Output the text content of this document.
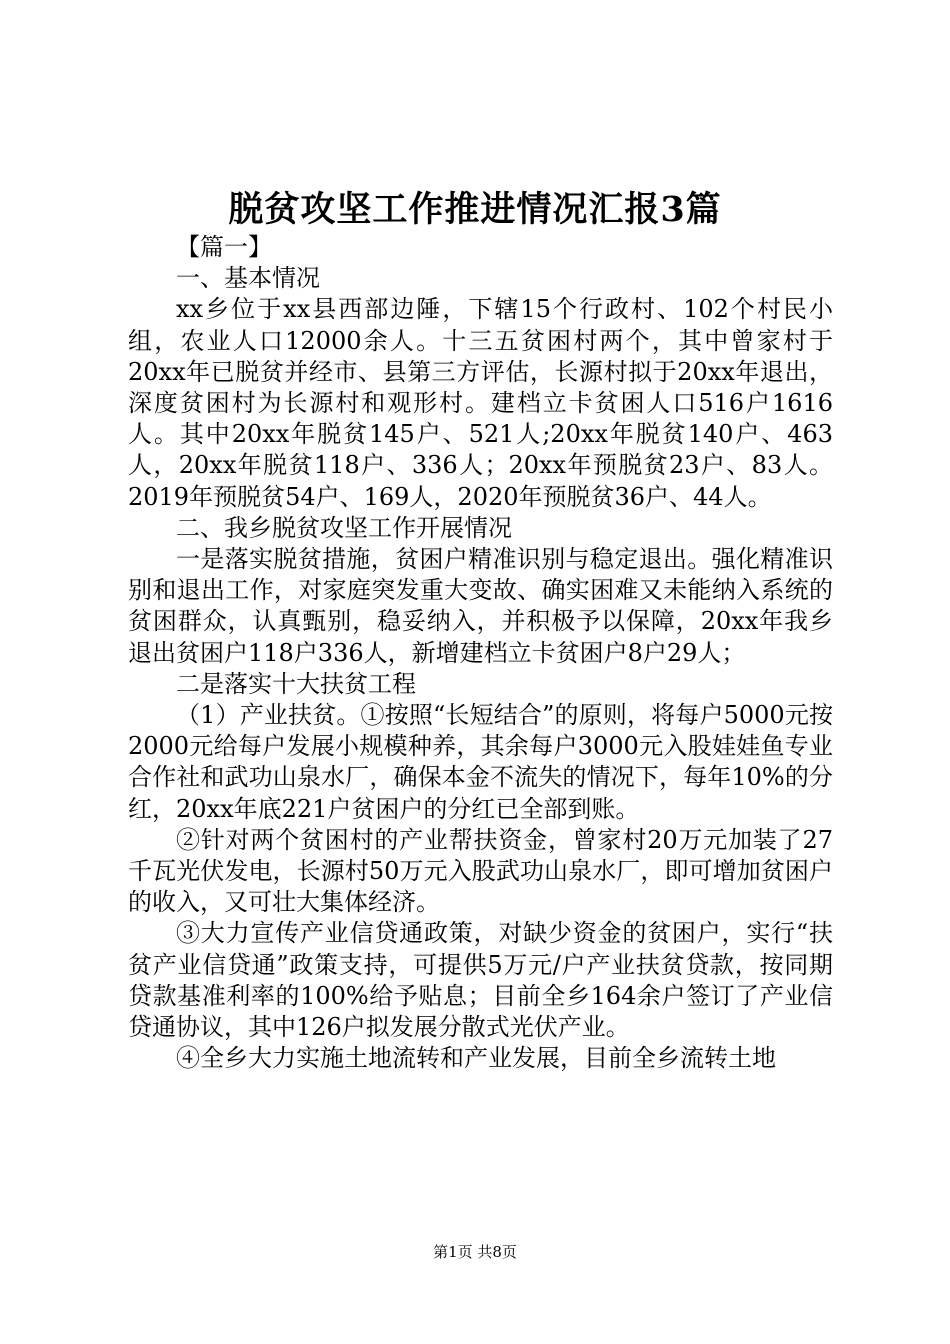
脱贫攻坚工作推进情况汇报3篇

【篇一】

一、基本情况

xx乡位于xx县西部边陲，下辖15个行政村、102个村民小组，农业人口12000余人。十三五贫困村两个，其中曾家村于20xx年已脱贫并经市、县第三方评估，长源村拟于20xx年退出，深度贫困村为长源村和观形村。建档立卡贫困人口516户1616人。其中20xx年脱贫145户、521人;20xx年脱贫140户、463人，20xx年脱贫118户、336人；20xx年预脱贫23户、83人。2019年预脱贫54户、169人，2020年预脱贫36户、44人。

二、我乡脱贫攻坚工作开展情况

一是落实脱贫措施，贫困户精准识别与稳定退出。强化精准识别和退出工作，对家庭突发重大变故、确实困难又未能纳入系统的贫困群众，认真甄别，稳妥纳入，并积极予以保障，20xx年我乡退出贫困户118户336人，新增建档立卡贫困户8户29人；

二是落实十大扶贫工程

（1）产业扶贫。①按照“长短结合”的原则，将每户5000元按2000元给每户发展小规模种养，其余每户3000元入股娃娃鱼专业合作社和武功山泉水厂，确保本金不流失的情况下，每年10%的分红，20xx年底221户贫困户的分红已全部到账。

②针对两个贫困村的产业帮扶资金，曾家村20万元加装了27千瓦光伏发电，长源村50万元入股武功山泉水厂，即可增加贫困户的收入，又可壮大集体经济。

③大力宣传产业信贷通政策，对缺少资金的贫困户，实行“扶贫产业信贷通”政策支持，可提供5万元/户产业扶贫贷款，按同期贷款基准利率的100%给予贴息；目前全乡164余户签订了产业信贷通协议，其中126户拟发展分散式光伏产业。

④全乡大力实施土地流转和产业发展，目前全乡流转土地

第1页 共8页
